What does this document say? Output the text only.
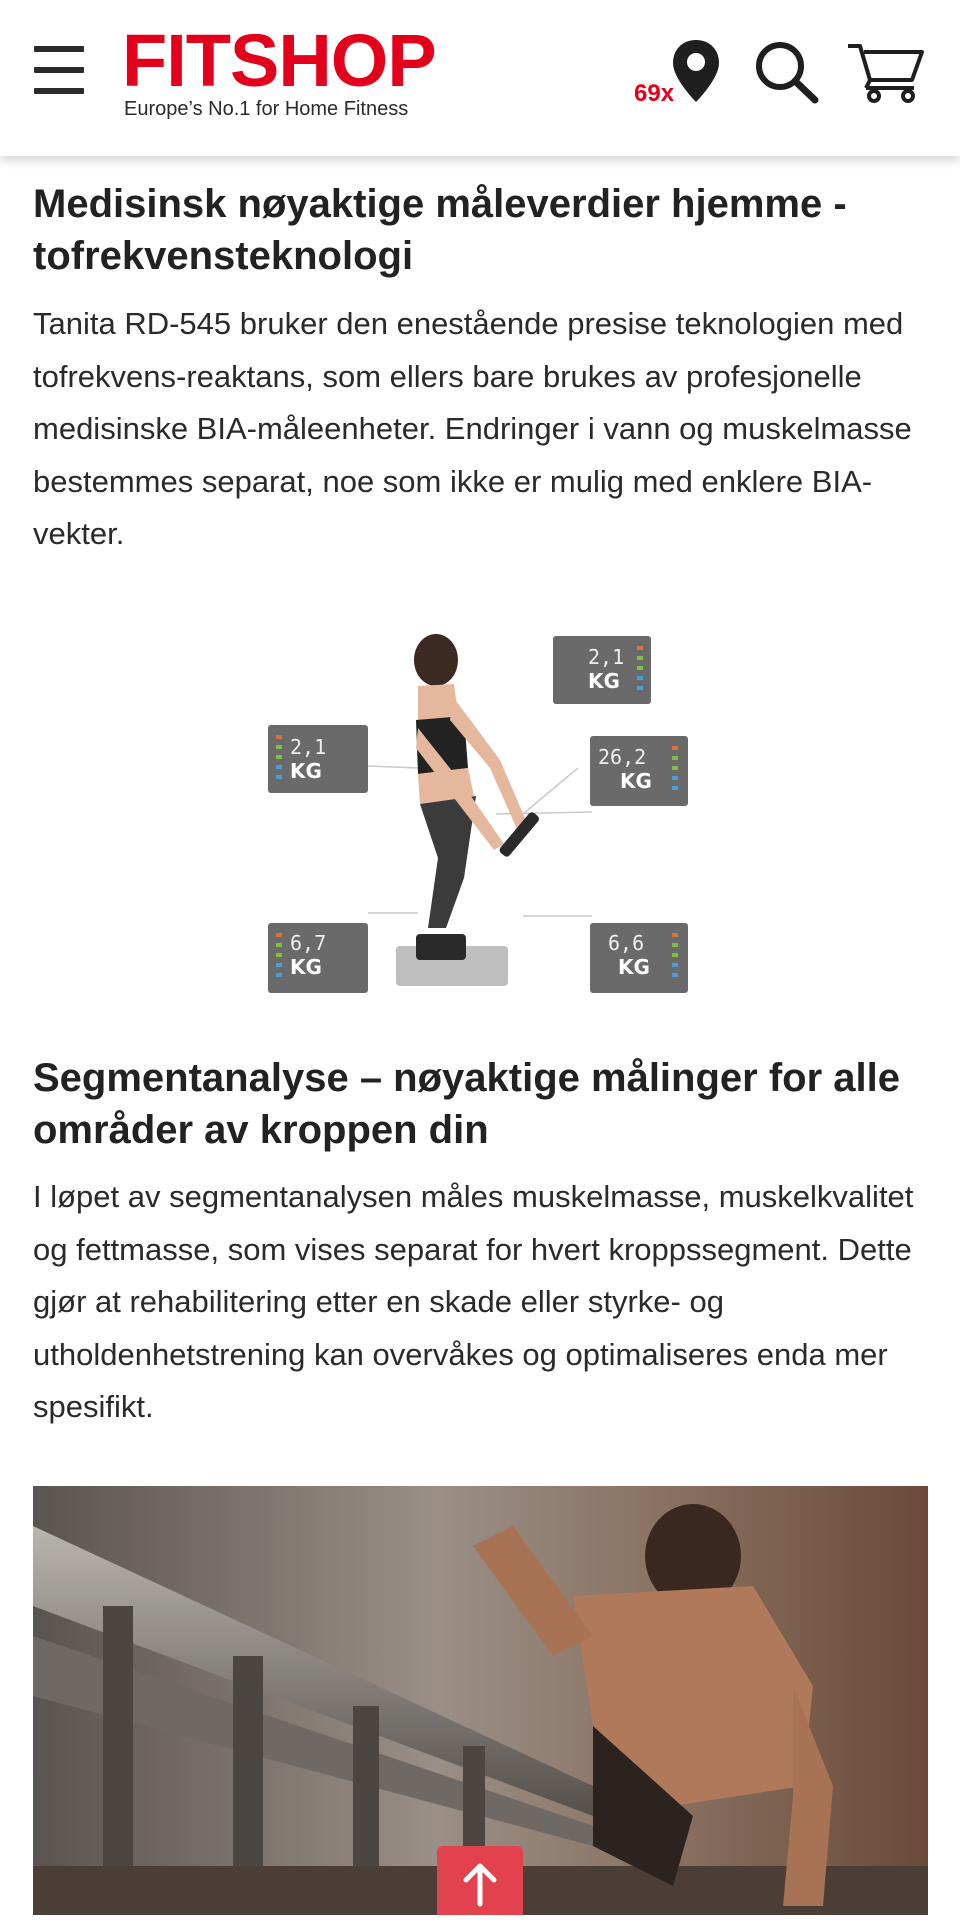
FITSHOP
Europe’s No.1 for Home Fitness
69x
Medisinsk nøyaktige måleverdier hjemme - tofrekvensteknologi

Tanita RD-545 bruker den enestående presise teknologien med tofrekvens-reaktans, som ellers bare brukes av profesjonelle medisinske BIA-måleenheter. Endringer i vann og muskelmasse bestemmes separat, noe som ikke er mulig med enklere BIA-vekter.

Segmentanalyse – nøyaktige målinger for alle områder av kroppen din

I løpet av segmentanalysen måles muskelmasse, muskelkvalitet og fettmasse, som vises separat for hvert kroppssegment. Dette gjør at rehabilitering etter en skade eller styrke- og utholdenhetstrening kan overvåkes og optimaliseres enda mer spesifikt.

2,1
KG
2,1
KG
26,2
KG
6,7
KG
6,6
KG
